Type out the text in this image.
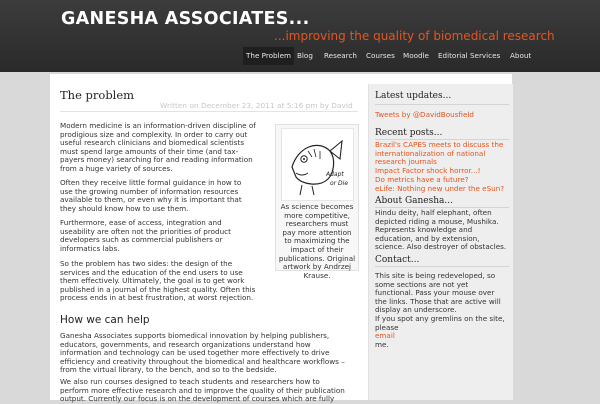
GANESHA ASSOCIATES...
...improving the quality of biomedical research
The Problem Blog	Research	Courses	Moodle	Editorial Services	About
The problem
Written on December 23, 2011 at 5:16 pm by David
Modern medicine is an information-driven discipline of
prodigious size and complexity. In order to carry out
useful research clinicians and biomedical scientists
must spend large amounts of their time (and tax-
payers money) searching for and reading information
from a huge variety of sources.
Often they receive little formal guidance in how to
use the growing number of information resources
available to them, or even why it is important that
they should know how to use them.
Furthermore, ease of access, integration and
useability are often not the priorities of product
developers such as commercial publishers or
informatics labs.
So the problem has two sides: the design of the
services and the education of the end users to use
them effectively. Ultimately, the goal is to get work
published in a journal of the highest quality. Often this
process ends in at best frustration, at worst rejection.
Adapt
or Die
As science becomes
more competitive,
researchers must
pay more attention
to maximizing the
impact of their
publications. Original
artwork by Andrzej
Krause.
How we can help
Ganesha Associates supports biomedical innovation by helping publishers,
educators, governments, and research organizations understand how
information and technology can be used together more effectively to drive
efficiency and creativity throughout the biomedical and healthcare workflows –
from the virtual library, to the bench, and so to the bedside.
We also run courses designed to teach students and researchers how to
perform more effective research and to improve the quality of their publication
output. Currently our focus is on the development of courses which are fully
Latest updates...
Tweets by @DavidBousfield
Recent posts...
Brazil's CAPES meets to discuss the
internationalization of national
research journals
Impact Factor shock horror...!
Do metrics have a future?
eLife: Nothing new under the eSun?
About Ganesha...
Hindu deity, half elephant, often
depicted riding a mouse, Mushika.
Represents knowledge and
education, and by extension,
science. Also destroyer of obstacles.
Contact...
This site is being redeveloped, so
some sections are not yet
functional. Pass your mouse over
the links. Those that are active will
display an underscore.
If you spot any gremlins on the site,
please
email
me.
